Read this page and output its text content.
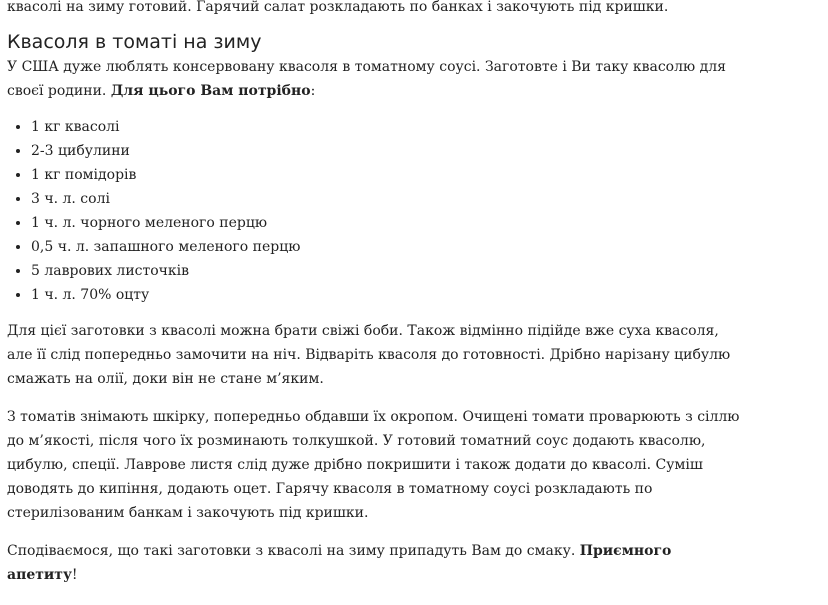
квасолі на зиму готовий. Гарячий салат розкладають по банках і закочують під кришки.

Квасоля в томаті на зиму

У США дуже люблять консервовану квасоля в томатному соусі. Заготовте і Ви таку квасолю для своєї родини. Для цього Вам потрібно:

• 1 кг квасолі
• 2-3 цибулини
• 1 кг помідорів
• 3 ч. л. солі
• 1 ч. л. чорного меленого перцю
• 0,5 ч. л. запашного меленого перцю
• 5 лаврових листочків
• 1 ч. л. 70% оцту

Для цієї заготовки з квасолі можна брати свіжі боби. Також відмінно підійде вже суха квасоля, але її слід попередньо замочити на ніч. Відваріть квасоля до готовності. Дрібно нарізану цибулю смажать на олії, доки він не стане м’яким.

З томатів знімають шкірку, попередньо обдавши їх окропом. Очищені томати проварюють з сіллю до м’якості, після чого їх розминають толкушкой. У готовий томатний соус додають квасолю, цибулю, спеції. Лаврове листя слід дуже дрібно покришити і також додати до квасолі. Суміш доводять до кипіння, додають оцет. Гарячу квасоля в томатному соусі розкладають по стерилізованим банкам і закочують під кришки.

Сподіваємося, що такі заготовки з квасолі на зиму припадуть Вам до смаку. Приємного апетиту!
